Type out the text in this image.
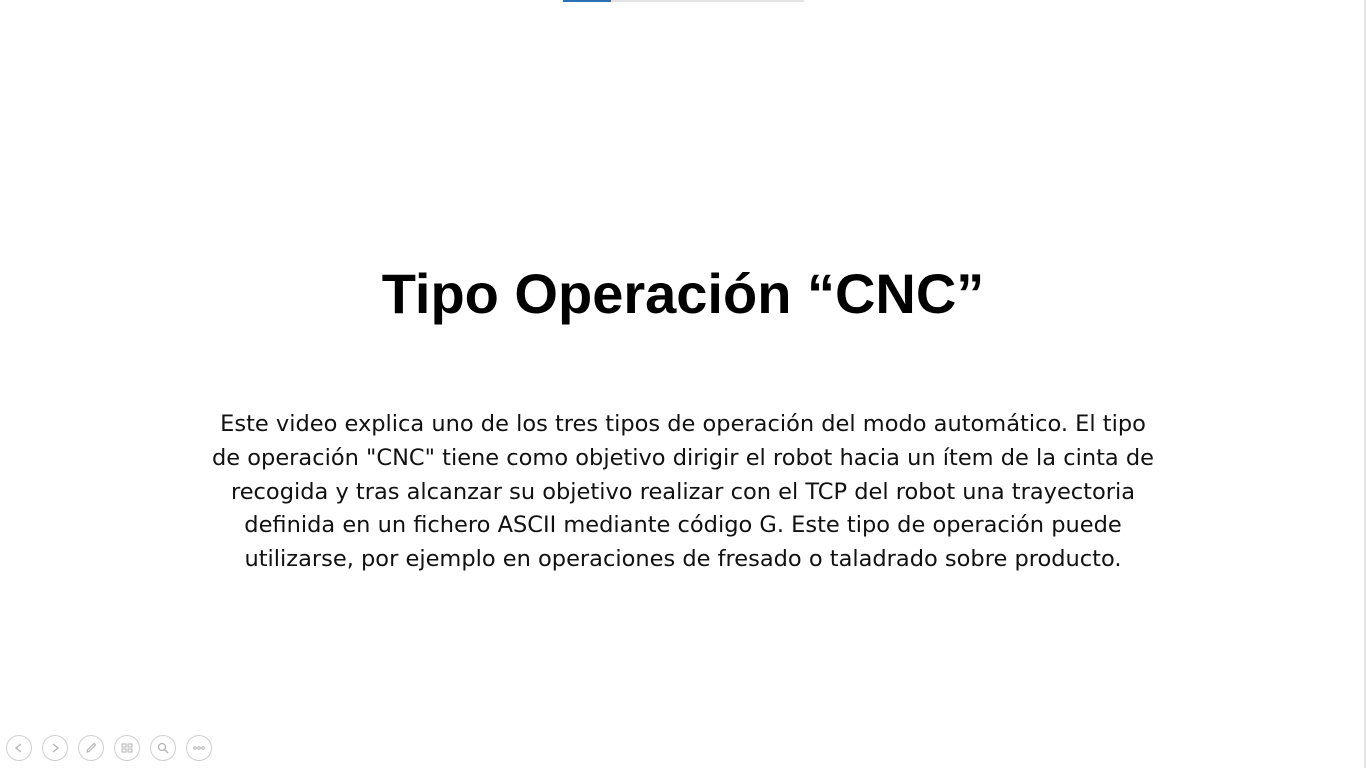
Tipo Operación “CNC”
Este video explica uno de los tres tipos de operación del modo automático. El tipo
de operación "CNC" tiene como objetivo dirigir el robot hacia un ítem de la cinta de
recogida y tras alcanzar su objetivo realizar con el TCP del robot una trayectoria
definida en un fichero ASCII mediante código G. Este tipo de operación puede
utilizarse, por ejemplo en operaciones de fresado o taladrado sobre producto.
